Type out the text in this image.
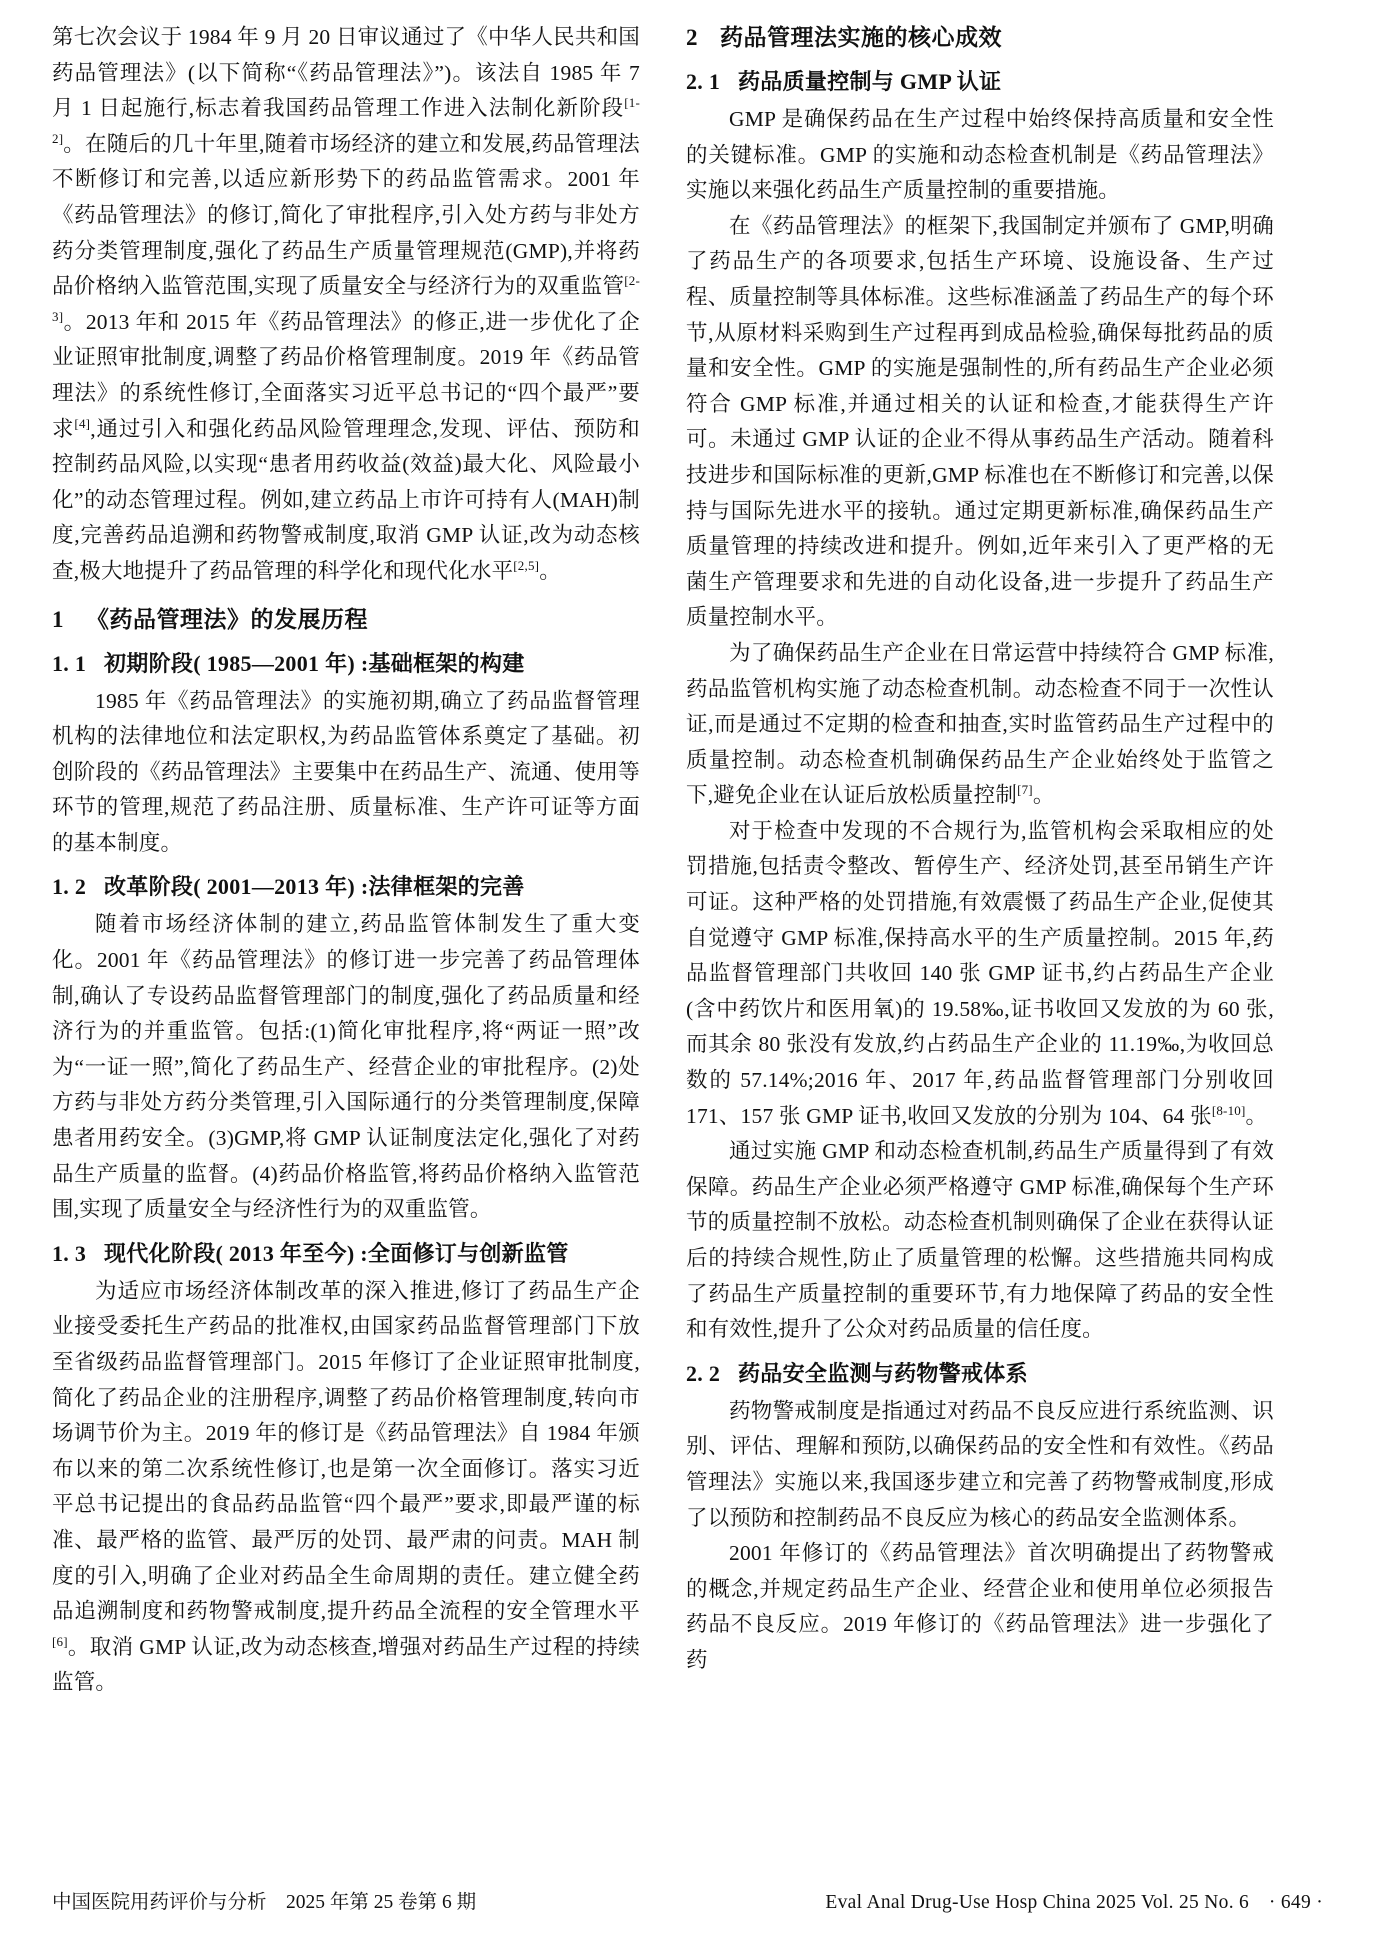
第七次会议于 1984 年 9 月 20 日审议通过了《中华人民共和国药品管理法》(以下简称“《药品管理法》”)。该法自 1985 年 7 月 1 日起施行,标志着我国药品管理工作进入法制化新阶段[1-2]。在随后的几十年里,随着市场经济的建立和发展,药品管理法不断修订和完善,以适应新形势下的药品监管需求。2001 年《药品管理法》的修订,简化了审批程序,引入处方药与非处方药分类管理制度,强化了药品生产质量管理规范(GMP),并将药品价格纳入监管范围,实现了质量安全与经济行为的双重监管[2-3]。2013 年和 2015 年《药品管理法》的修正,进一步优化了企业证照审批制度,调整了药品价格管理制度。2019 年《药品管理法》的系统性修订,全面落实习近平总书记的“四个最严”要求[4],通过引入和强化药品风险管理理念,发现、评估、预防和控制药品风险,以实现“患者用药收益(效益)最大化、风险最小化”的动态管理过程。例如,建立药品上市许可持有人(MAH)制度,完善药品追溯和药物警戒制度,取消 GMP 认证,改为动态核查,极大地提升了药品管理的科学化和现代化水平[2,5]。

1 《药品管理法》的发展历程
1. 1 初期阶段( 1985—2001 年) :基础框架的构建

1985 年《药品管理法》的实施初期,确立了药品监督管理机构的法律地位和法定职权,为药品监管体系奠定了基础。初创阶段的《药品管理法》主要集中在药品生产、流通、使用等环节的管理,规范了药品注册、质量标准、生产许可证等方面的基本制度。

1. 2 改革阶段( 2001—2013 年) :法律框架的完善

随着市场经济体制的建立,药品监管体制发生了重大变化。2001 年《药品管理法》的修订进一步完善了药品管理体制,确认了专设药品监督管理部门的制度,强化了药品质量和经济行为的并重监管。包括:(1)简化审批程序,将“两证一照”改为“一证一照”,简化了药品生产、经营企业的审批程序。(2)处方药与非处方药分类管理,引入国际通行的分类管理制度,保障患者用药安全。(3)GMP,将 GMP 认证制度法定化,强化了对药品生产质量的监督。(4)药品价格监管,将药品价格纳入监管范围,实现了质量安全与经济性行为的双重监管。

1. 3 现代化阶段( 2013 年至今) :全面修订与创新监管

为适应市场经济体制改革的深入推进,修订了药品生产企业接受委托生产药品的批准权,由国家药品监督管理部门下放至省级药品监督管理部门。2015 年修订了企业证照审批制度,简化了药品企业的注册程序,调整了药品价格管理制度,转向市场调节价为主。2019 年的修订是《药品管理法》自 1984 年颁布以来的第二次系统性修订,也是第一次全面修订。落实习近平总书记提出的食品药品监管“四个最严”要求,即最严谨的标准、最严格的监管、最严厉的处罚、最严肃的问责。MAH 制度的引入,明确了企业对药品全生命周期的责任。建立健全药品追溯制度和药物警戒制度,提升药品全流程的安全管理水平[6]。取消 GMP 认证,改为动态核查,增强对药品生产过程的持续监管。

2 药品管理法实施的核心成效
2. 1 药品质量控制与 GMP 认证

GMP 是确保药品在生产过程中始终保持高质量和安全性的关键标准。GMP 的实施和动态检查机制是《药品管理法》实施以来强化药品生产质量控制的重要措施。

在《药品管理法》的框架下,我国制定并颁布了 GMP,明确了药品生产的各项要求,包括生产环境、设施设备、生产过程、质量控制等具体标准。这些标准涵盖了药品生产的每个环节,从原材料采购到生产过程再到成品检验,确保每批药品的质量和安全性。GMP 的实施是强制性的,所有药品生产企业必须符合 GMP 标准,并通过相关的认证和检查,才能获得生产许可。未通过 GMP 认证的企业不得从事药品生产活动。随着科技进步和国际标准的更新,GMP 标准也在不断修订和完善,以保持与国际先进水平的接轨。通过定期更新标准,确保药品生产质量管理的持续改进和提升。例如,近年来引入了更严格的无菌生产管理要求和先进的自动化设备,进一步提升了药品生产质量控制水平。

为了确保药品生产企业在日常运营中持续符合 GMP 标准,药品监管机构实施了动态检查机制。动态检查不同于一次性认证,而是通过不定期的检查和抽查,实时监管药品生产过程中的质量控制。动态检查机制确保药品生产企业始终处于监管之下,避免企业在认证后放松质量控制[7]。

对于检查中发现的不合规行为,监管机构会采取相应的处罚措施,包括责令整改、暂停生产、经济处罚,甚至吊销生产许可证。这种严格的处罚措施,有效震慑了药品生产企业,促使其自觉遵守 GMP 标准,保持高水平的生产质量控制。2015 年,药品监督管理部门共收回 140 张 GMP 证书,约占药品生产企业(含中药饮片和医用氧)的 19.58‰,证书收回又发放的为 60 张,而其余 80 张没有发放,约占药品生产企业的 11.19‰,为收回总数的 57.14%;2016 年、2017 年,药品监督管理部门分别收回 171、157 张 GMP 证书,收回又发放的分别为 104、64 张[8-10]。

通过实施 GMP 和动态检查机制,药品生产质量得到了有效保障。药品生产企业必须严格遵守 GMP 标准,确保每个生产环节的质量控制不放松。动态检查机制则确保了企业在获得认证后的持续合规性,防止了质量管理的松懈。这些措施共同构成了药品生产质量控制的重要环节,有力地保障了药品的安全性和有效性,提升了公众对药品质量的信任度。

2. 2 药品安全监测与药物警戒体系

药物警戒制度是指通过对药品不良反应进行系统监测、识别、评估、理解和预防,以确保药品的安全性和有效性。《药品管理法》实施以来,我国逐步建立和完善了药物警戒制度,形成了以预防和控制药品不良反应为核心的药品安全监测体系。

2001 年修订的《药品管理法》首次明确提出了药物警戒的概念,并规定药品生产企业、经营企业和使用单位必须报告药品不良反应。2019 年修订的《药品管理法》进一步强化了药

中国医院用药评价与分析　2025 年第 25 卷第 6 期	Eval Anal Drug-Use Hosp China 2025 Vol. 25 No. 6　· 649 ·
